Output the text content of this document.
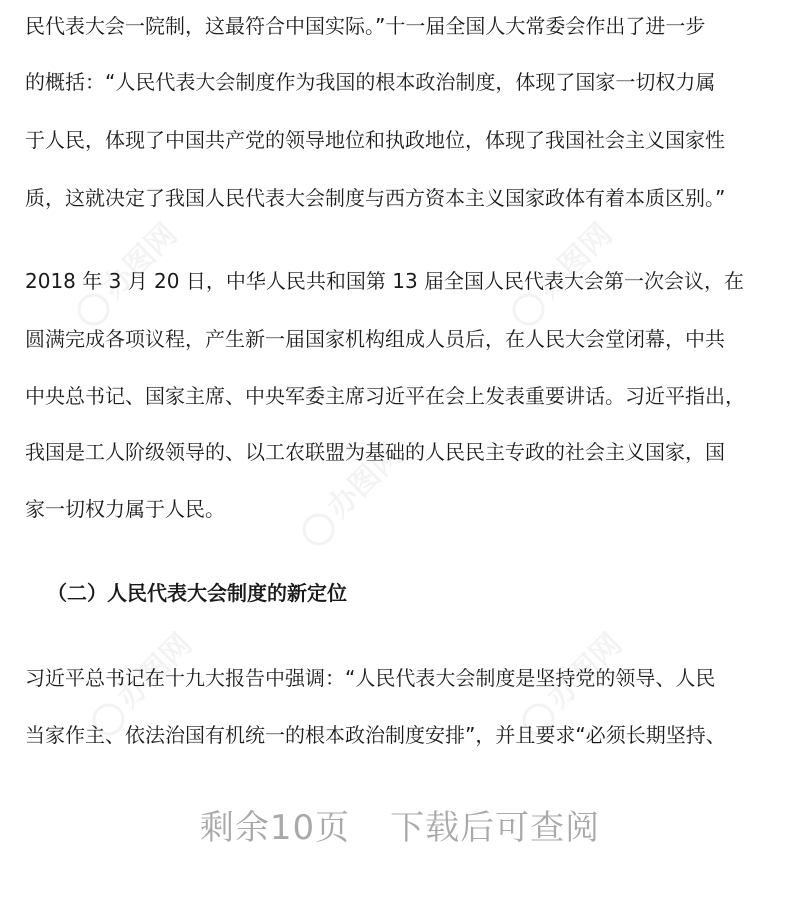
办图网	办图网
办图网
办图网	办图网
民代表大会一院制，这最符合中国实际。”十一届全国人大常委会作出了进一步
的概括：“人民代表大会制度作为我国的根本政治制度，体现了国家一切权力属
于人民，体现了中国共产党的领导地位和执政地位，体现了我国社会主义国家性
质，这就决定了我国人民代表大会制度与西方资本主义国家政体有着本质区别。”
2018 年 3 月 20 日，中华人民共和国第 13 届全国人民代表大会第一次会议，在
圆满完成各项议程，产生新一届国家机构组成人员后，在人民大会堂闭幕，中共
中央总书记、国家主席、中央军委主席习近平在会上发表重要讲话。习近平指出，
我国是工人阶级领导的、以工农联盟为基础的人民民主专政的社会主义国家，国
家一切权力属于人民。
（二）人民代表大会制度的新定位
习近平总书记在十九大报告中强调：“人民代表大会制度是坚持党的领导、人民
当家作主、依法治国有机统一的根本政治制度安排”，并且要求“必须长期坚持、
剩余10页 下载后可查阅
